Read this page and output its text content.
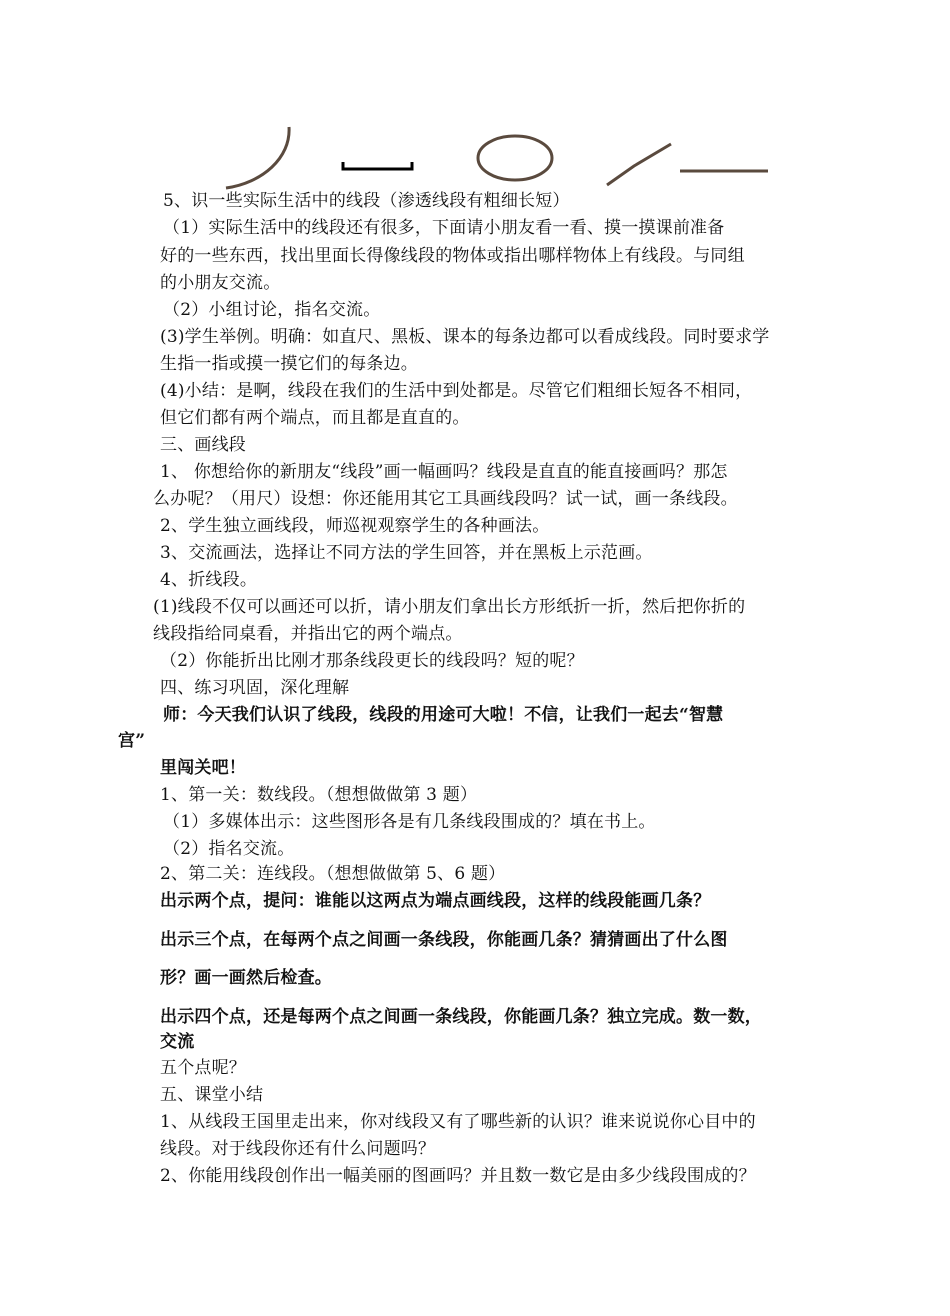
5、识一些实际生活中的线段（渗透线段有粗细长短）
（1）实际生活中的线段还有很多，下面请小朋友看一看、摸一摸课前准备
好的一些东西，找出里面长得像线段的物体或指出哪样物体上有线段。与同组
的小朋友交流。
（2）小组讨论，指名交流。
(3)学生举例。明确：如直尺、黑板、课本的每条边都可以看成线段。同时要求学
生指一指或摸一摸它们的每条边。
(4)小结：是啊，线段在我们的生活中到处都是。尽管它们粗细长短各不相同，
但它们都有两个端点，而且都是直直的。
三、画线段
1、 你想给你的新朋友“线段”画一幅画吗？线段是直直的能直接画吗？那怎
么办呢？（用尺）设想：你还能用其它工具画线段吗？试一试，画一条线段。
2、学生独立画线段，师巡视观察学生的各种画法。
3、交流画法，选择让不同方法的学生回答，并在黑板上示范画。
4、折线段。
(1)线段不仅可以画还可以折，请小朋友们拿出长方形纸折一折，然后把你折的
线段指给同桌看，并指出它的两个端点。
（2）你能折出比刚才那条线段更长的线段吗？短的呢？
四、练习巩固，深化理解
师：今天我们认识了线段，线段的用途可大啦！不信，让我们一起去“智慧
宫”
里闯关吧！
1、第一关：数线段。（想想做做第 3 题）
（1）多媒体出示：这些图形各是有几条线段围成的？填在书上。
（2）指名交流。
2、第二关：连线段。（想想做做第 5、6 题）
出示两个点，提问：谁能以这两点为端点画线段，这样的线段能画几条？
出示三个点，在每两个点之间画一条线段，你能画几条？猜猜画出了什么图
形？画一画然后检查。
出示四个点，还是每两个点之间画一条线段，你能画几条？独立完成。数一数，
交流
五个点呢？
五、课堂小结
1、从线段王国里走出来，你对线段又有了哪些新的认识？谁来说说你心目中的
线段。对于线段你还有什么问题吗？
2、你能用线段创作出一幅美丽的图画吗？并且数一数它是由多少线段围成的？
